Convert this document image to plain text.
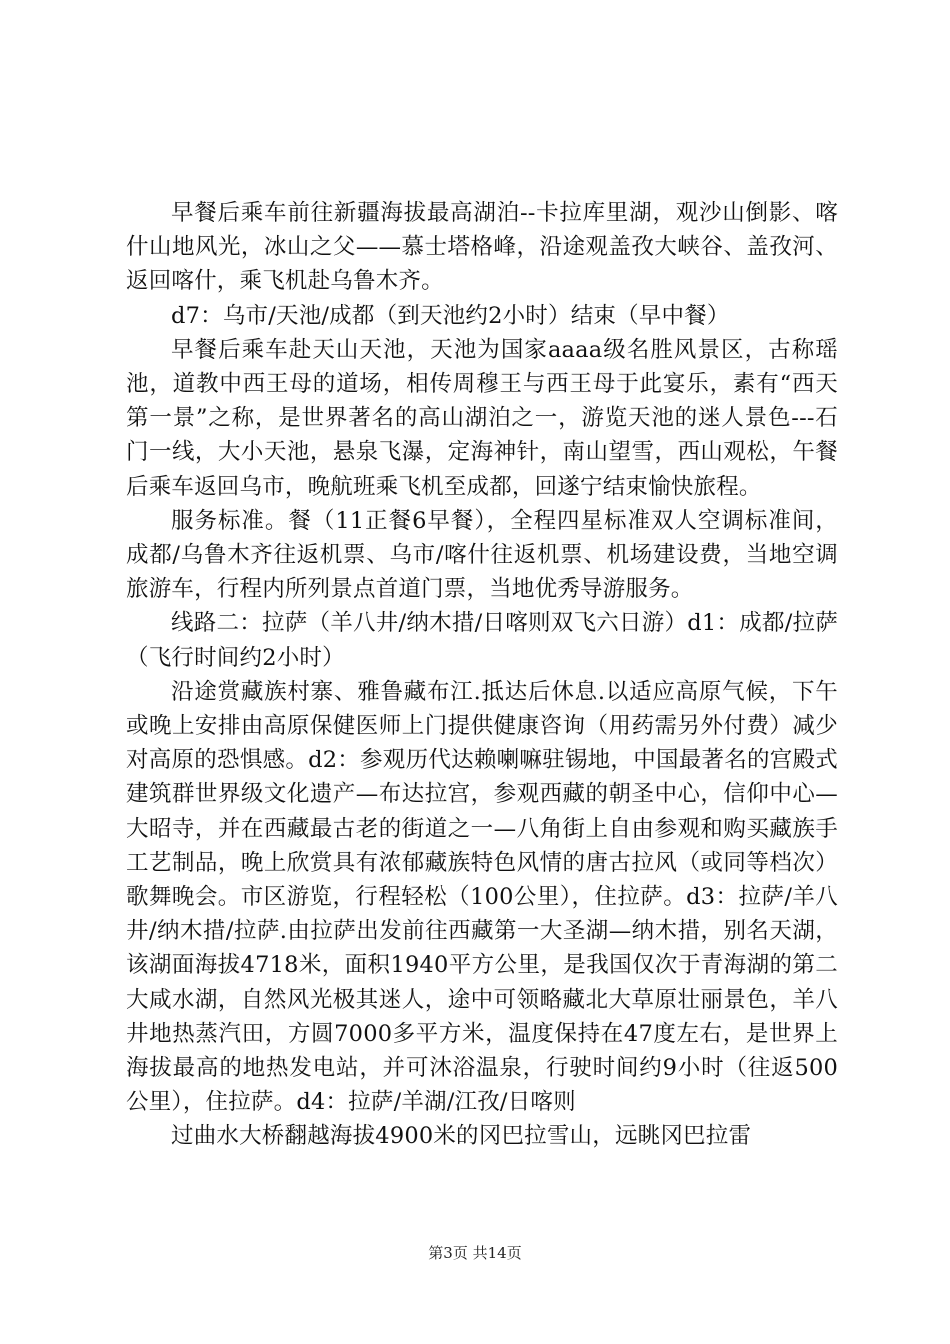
早餐后乘车前往新疆海拔最高湖泊--卡拉库里湖，观沙山倒影、喀什山地风光，冰山之父——慕士塔格峰，沿途观盖孜大峡谷、盖孜河、返回喀什，乘飞机赴乌鲁木齐。

d7：乌市/天池/成都（到天池约2小时）结束（早中餐）

早餐后乘车赴天山天池，天池为国家aaaa级名胜风景区，古称瑶池，道教中西王母的道场，相传周穆王与西王母于此宴乐，素有“西天第一景”之称，是世界著名的高山湖泊之一，游览天池的迷人景色---石门一线，大小天池，悬泉飞瀑，定海神针，南山望雪，西山观松，午餐后乘车返回乌市，晚航班乘飞机至成都，回遂宁结束愉快旅程。

服务标准。餐（11正餐6早餐），全程四星标准双人空调标准间，成都/乌鲁木齐往返机票、乌市/喀什往返机票、机场建设费，当地空调旅游车，行程内所列景点首道门票，当地优秀导游服务。

线路二：拉萨（羊八井/纳木措/日喀则双飞六日游）d1：成都/拉萨（飞行时间约2小时）

沿途赏藏族村寨、雅鲁藏布江.抵达后休息.以适应高原气候，下午或晚上安排由高原保健医师上门提供健康咨询（用药需另外付费）减少对高原的恐惧感。d2：参观历代达赖喇嘛驻锡地，中国最著名的宫殿式建筑群世界级文化遗产—布达拉宫，参观西藏的朝圣中心，信仰中心—大昭寺，并在西藏最古老的街道之一—八角街上自由参观和购买藏族手工艺制品，晚上欣赏具有浓郁藏族特色风情的唐古拉风（或同等档次）歌舞晚会。市区游览，行程轻松（100公里），住拉萨。d3：拉萨/羊八井/纳木措/拉萨.由拉萨出发前往西藏第一大圣湖—纳木措，别名天湖，该湖面海拔4718米，面积1940平方公里，是我国仅次于青海湖的第二大咸水湖，自然风光极其迷人，途中可领略藏北大草原壮丽景色，羊八井地热蒸汽田，方圆7000多平方米，温度保持在47度左右，是世界上海拔最高的地热发电站，并可沐浴温泉，行驶时间约9小时（往返500公里），住拉萨。d4：拉萨/羊湖/江孜/日喀则

过曲水大桥翻越海拔4900米的冈巴拉雪山，远眺冈巴拉雷

第3页 共14页
